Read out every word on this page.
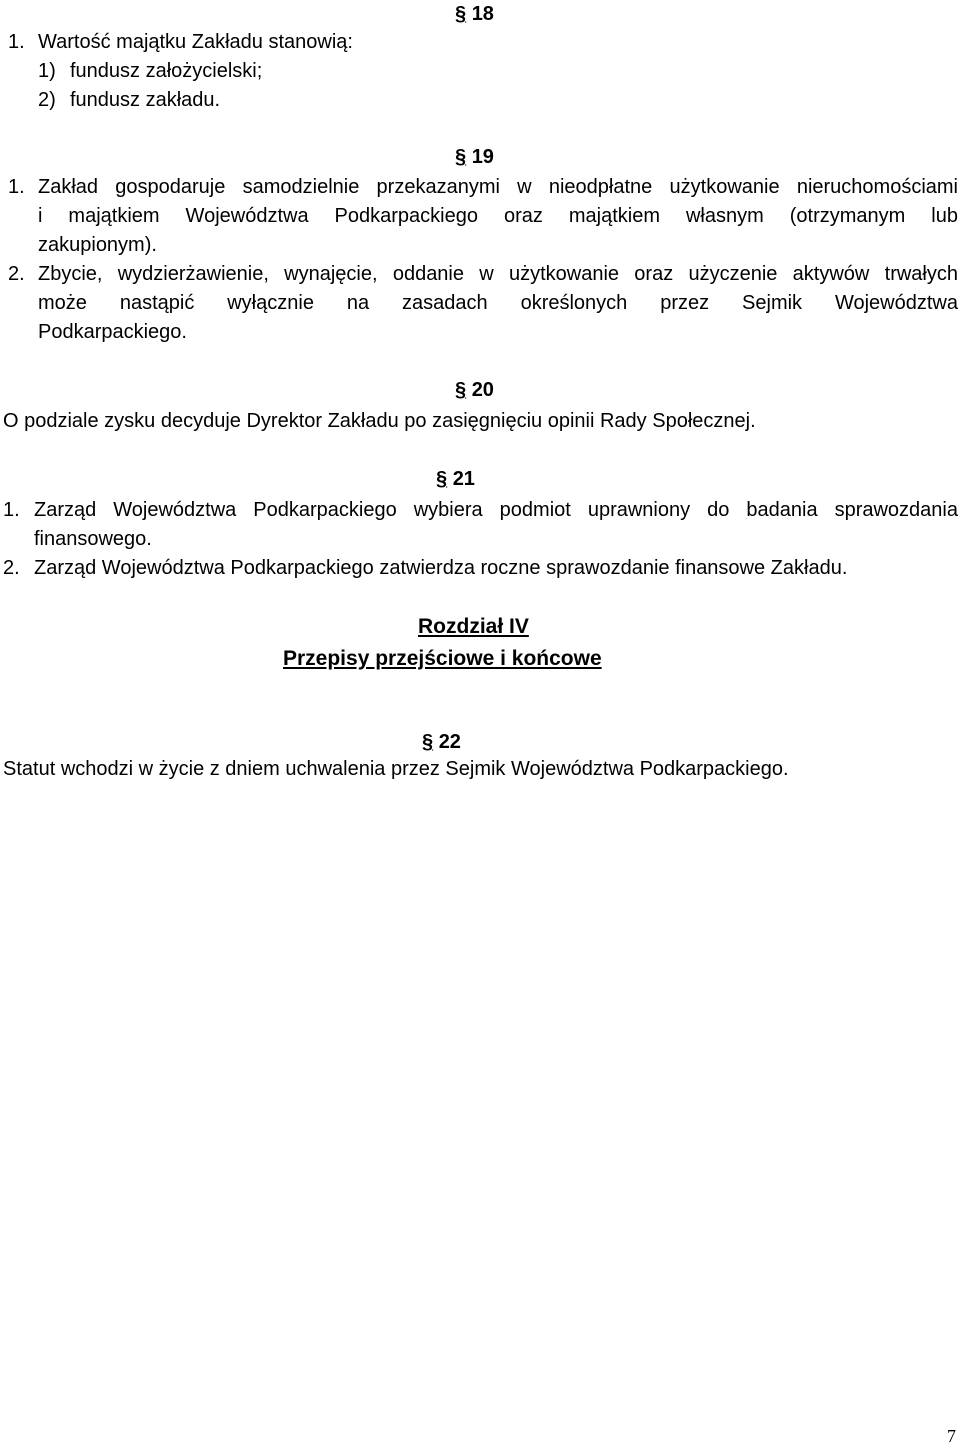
§ 18
1. Wartość majątku Zakładu stanowią:
1) fundusz założycielski;
2) fundusz zakładu.
§ 19
1. Zakład gospodaruje samodzielnie przekazanymi w nieodpłatne użytkowanie nieruchomościami
i majątkiem Województwa Podkarpackiego oraz majątkiem własnym (otrzymanym lub
zakupionym).
2. Zbycie, wydzierżawienie, wynajęcie, oddanie w użytkowanie oraz użyczenie aktywów trwałych
może nastąpić wyłącznie na zasadach określonych przez Sejmik Województwa
Podkarpackiego.
§ 20
O podziale zysku decyduje Dyrektor Zakładu po zasięgnięciu opinii Rady Społecznej.
§ 21
1. Zarząd Województwa Podkarpackiego wybiera podmiot uprawniony do badania sprawozdania
finansowego.
2. Zarząd Województwa Podkarpackiego zatwierdza roczne sprawozdanie finansowe Zakładu.
Rozdział IV
Przepisy przejściowe i końcowe
§ 22
Statut wchodzi w życie z dniem uchwalenia przez Sejmik Województwa Podkarpackiego.
7
